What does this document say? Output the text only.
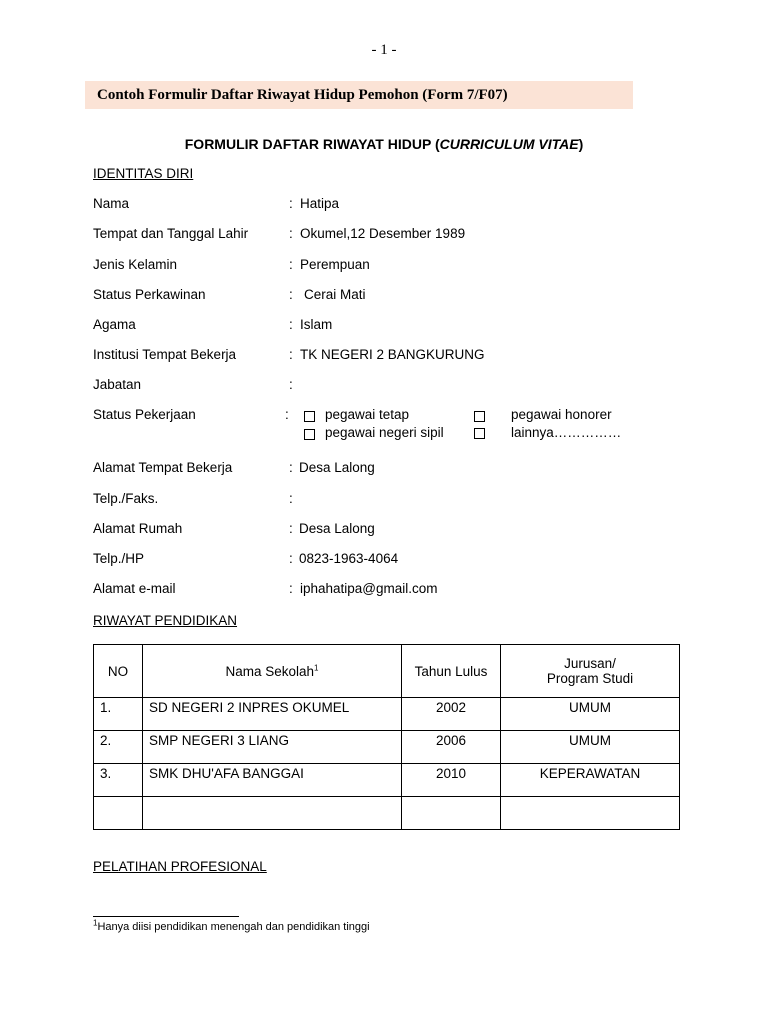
- 1 -
Contoh Formulir Daftar Riwayat Hidup Pemohon (Form 7/F07)
FORMULIR DAFTAR RIWAYAT HIDUP (CURRICULUM VITAE)
IDENTITAS DIRI
Nama	: Hatipa
Tempat dan Tanggal Lahir	: Okumel,12 Desember 1989
Jenis Kelamin	: Perempuan
Status Perkawinan	: Cerai Mati
Agama	: Islam
Institusi Tempat Bekerja	: TK NEGERI 2 BANGKURUNG
Jabatan	:
Status Pekerjaan	:	pegawai tetap	pegawai honorer
pegawai negeri sipil	lainnya……………
Alamat Tempat Bekerja	: Desa Lalong
Telp./Faks.	:
Alamat Rumah	: Desa Lalong
Telp./HP	: 0823-1963-4064
Alamat e-mail	: iphahatipa@gmail.com
RIWAYAT PENDIDIKAN
NO	Nama Sekolah$^1$	Tahun Lulus	Jurusan/
Program Studi
1.	SD NEGERI 2 INPRES OKUMEL	2002	UMUM
2.	SMP NEGERI 3 LIANG	2006	UMUM
3.	SMK DHU'AFA BANGGAI	2010	KEPERAWATAN

PELATIHAN PROFESIONAL
$^1$Hanya diisi pendidikan menengah dan pendidikan tinggi
